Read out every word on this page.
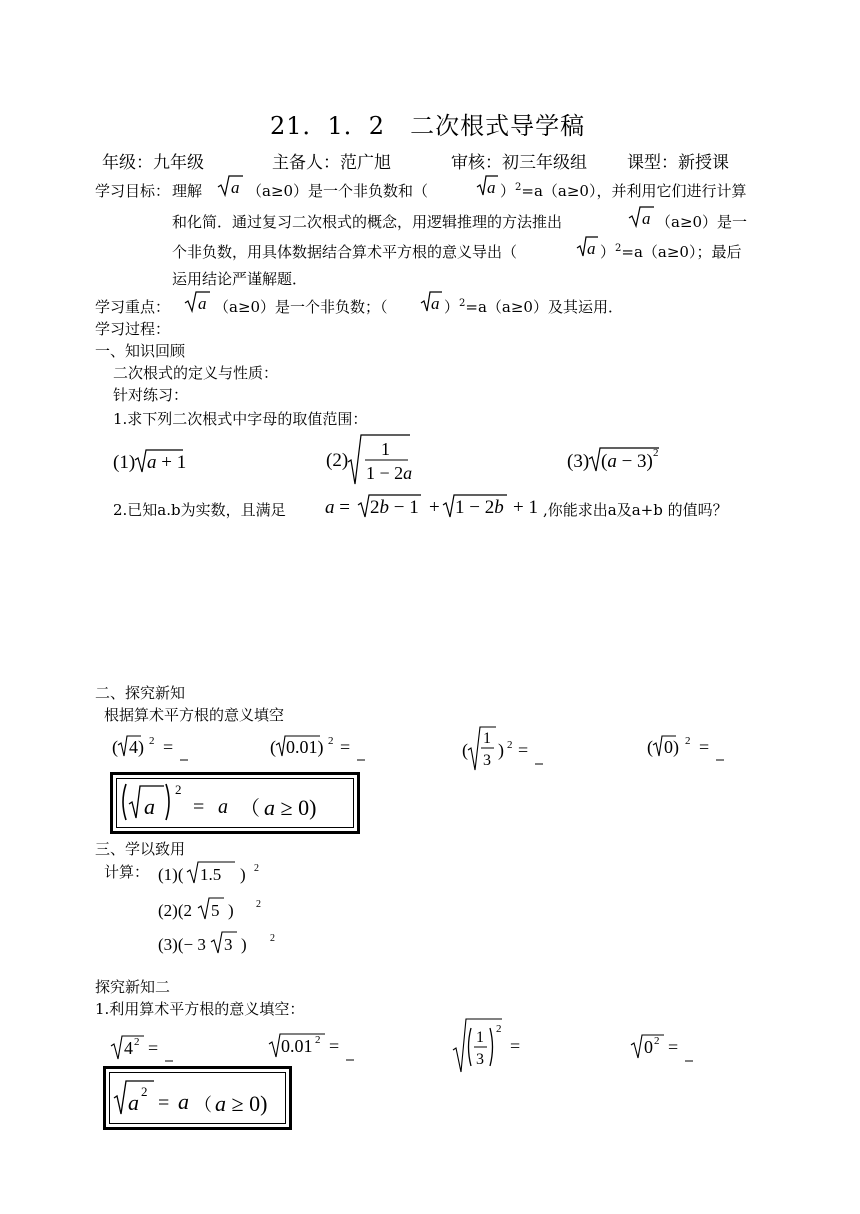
21．1．2　二次根式导学稿
年级：九年级	主备人：范广旭	审核：初三年级组 课型：新授课
学习目标： 理解 a （a≥0）是一个非负数和（	a ）$^2$=a（a≥0），并利用它们进行计算
和化简．通过复习二次根式的概念，用逻辑推理的方法推出	a （a≥0）是一
个非负数，用具体数据结合算术平方根的意义导出（	a ）$^2$=a（a≥0）；最后
运用结论严谨解题．
学习重点： a （a≥0）是一个非负数；（	a ）$^2$=a（a≥0）及其运用．
学习过程：
一、知识回顾
二次根式的定义与性质：
针对练习：
1.求下列二次根式中字母的取值范围：
(1) a + 1	(2)
1
1 − 2a
(3) (a − 3) 2
2.已知a.b为实数，且满足 a = 2b − 1 + 1 − 2b + 1 ,你能求出a及a+b 的值吗？
二、探究新知
根据算术平方根的意义填空
( 4) 2 =	( 0.01) 2 =	(
1
3
) 2 =	( 0) 2 =
a
2
= a （ a ≥ 0)
三、学以致用
计算： (1)( 1.5 ) 2
(2)(2 5 ) 2
(3)(− 3 3 ) 2
探究新知二
1.利用算术平方根的意义填空：
4 2 =	0.01 2 =	1
3
2
=	0 2 =
a 2
= a （ a ≥ 0)
